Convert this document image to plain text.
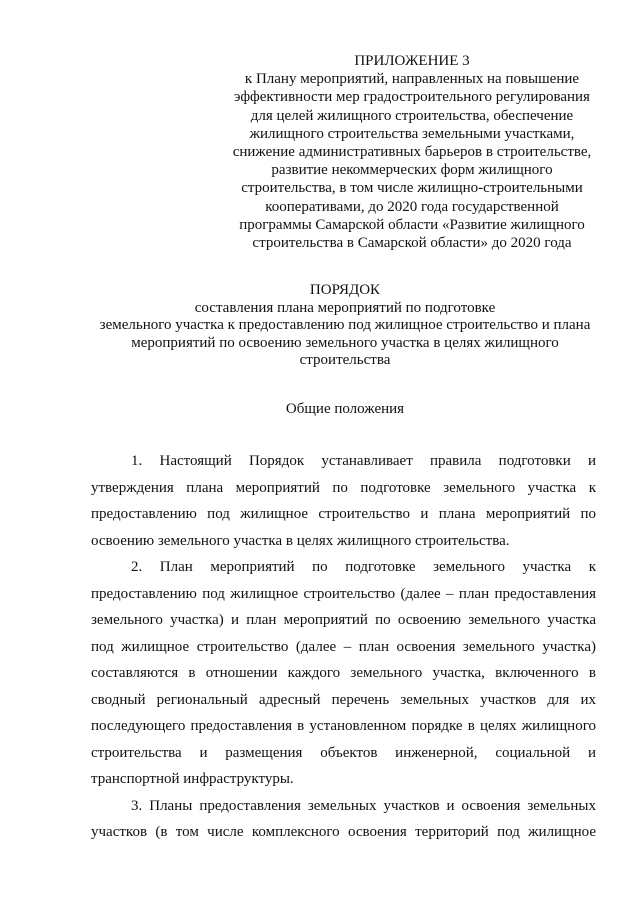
ПРИЛОЖЕНИЕ 3
к Плану мероприятий, направленных на повышение
эффективности мер градостроительного регулирования
для целей жилищного строительства, обеспечение
жилищного строительства земельными участками,
снижение административных барьеров в строительстве,
развитие некоммерческих форм жилищного
строительства, в том числе жилищно-строительными
кооперативами, до 2020 года государственной
программы Самарской области «Развитие жилищного
строительства в Самарской области» до 2020 года
ПОРЯДОК
составления плана мероприятий по подготовке
земельного участка к предоставлению под жилищное строительство и плана
мероприятий по освоению земельного участка в целях жилищного
строительства
Общие положения

1. Настоящий Порядок устанавливает правила подготовки и

утверждения плана мероприятий по подготовке земельного участка к

предоставлению под жилищное строительство и плана мероприятий по

освоению земельного участка в целях жилищного строительства.

2. План мероприятий по подготовке земельного участка к

предоставлению под жилищное строительство (далее – план предоставления

земельного участка) и план мероприятий по освоению земельного участка

под жилищное строительство (далее – план освоения земельного участка)

составляются в отношении каждого земельного участка, включенного в

сводный региональный адресный перечень земельных участков для их

последующего предоставления в установленном порядке в целях жилищного

строительства и размещения объектов инженерной, социальной и

транспортной инфраструктуры.

3. Планы предоставления земельных участков и освоения земельных

участков (в том числе комплексного освоения территорий под жилищное
